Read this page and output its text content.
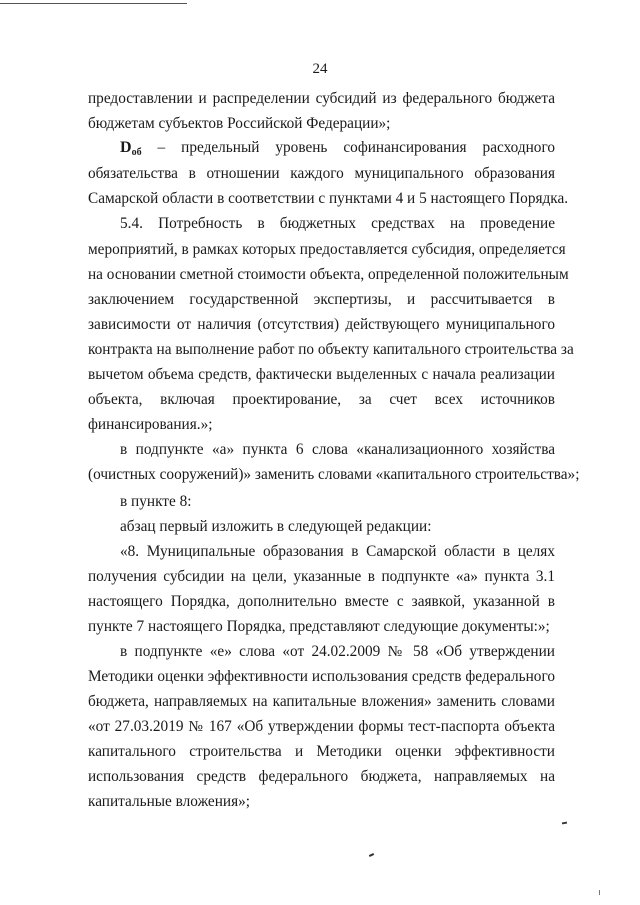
24
предоставлении и распределении субсидий из федерального бюджета
бюджетам субъектов Российской Федерации»;
$D_{об}$ – предельный уровень софинансирования расходного
обязательства в отношении каждого муниципального образования
Самарской области в соответствии с пунктами 4 и 5 настоящего Порядка.
5.4. Потребность в бюджетных средствах на проведение
мероприятий, в рамках которых предоставляется субсидия, определяется
на основании сметной стоимости объекта, определенной положительным
заключением государственной экспертизы, и рассчитывается в
зависимости от наличия (отсутствия) действующего муниципального
контракта на выполнение работ по объекту капитального строительства за
вычетом объема средств, фактически выделенных с начала реализации
объекта, включая проектирование, за счет всех источников
финансирования.»;
в подпункте «а» пункта 6 слова «канализационного хозяйства
(очистных сооружений)» заменить словами «капитального строительства»;
в пункте 8:
абзац первый изложить в следующей редакции:
«8. Муниципальные образования в Самарской области в целях
получения субсидии на цели, указанные в подпункте «а» пункта 3.1
настоящего Порядка, дополнительно вместе с заявкой, указанной в
пункте 7 настоящего Порядка, представляют следующие документы:»;
в подпункте «е» слова «от 24.02.2009 № 58 «Об утверждении
Методики оценки эффективности использования средств федерального
бюджета, направляемых на капитальные вложения» заменить словами
«от 27.03.2019 № 167 «Об утверждении формы тест-паспорта объекта
капитального строительства и Методики оценки эффективности
использования средств федерального бюджета, направляемых на
капитальные вложения»;
